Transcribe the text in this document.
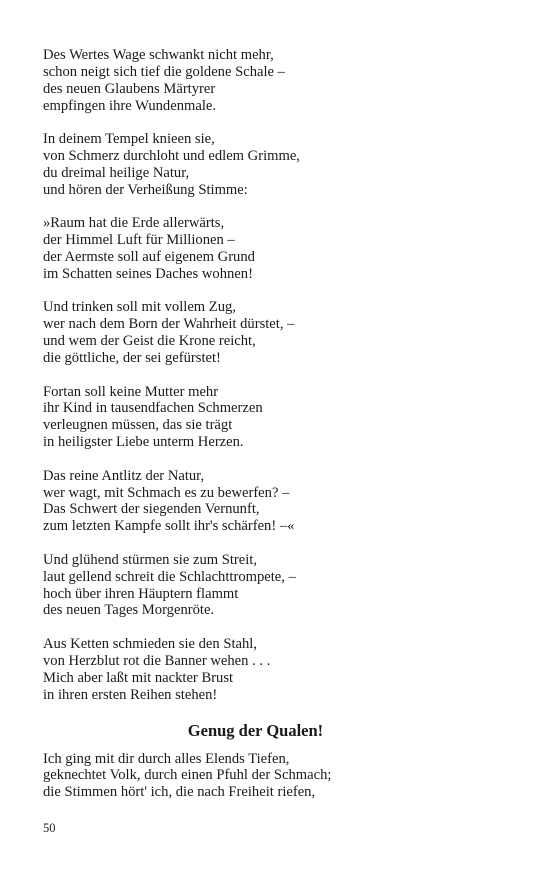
Des Wertes Wage schwankt nicht mehr,
schon neigt sich tief die goldene Schale –
des neuen Glaubens Märtyrer
empfingen ihre Wundenmale.
In deinem Tempel knieen sie,
von Schmerz durchloht und edlem Grimme,
du dreimal heilige Natur,
und hören der Verheißung Stimme:
»Raum hat die Erde allerwärts,
der Himmel Luft für Millionen –
der Aermste soll auf eigenem Grund
im Schatten seines Daches wohnen!
Und trinken soll mit vollem Zug,
wer nach dem Born der Wahrheit dürstet, –
und wem der Geist die Krone reicht,
die göttliche, der sei gefürstet!
Fortan soll keine Mutter mehr
ihr Kind in tausendfachen Schmerzen
verleugnen müssen, das sie trägt
in heiligster Liebe unterm Herzen.
Das reine Antlitz der Natur,
wer wagt, mit Schmach es zu bewerfen? –
Das Schwert der siegenden Vernunft,
zum letzten Kampfe sollt ihr's schärfen! –«
Und glühend stürmen sie zum Streit,
laut gellend schreit die Schlachttrompete, –
hoch über ihren Häuptern flammt
des neuen Tages Morgenröte.
Aus Ketten schmieden sie den Stahl,
von Herzblut rot die Banner wehen . . .
Mich aber laßt mit nackter Brust
in ihren ersten Reihen stehen!
Genug der Qualen!
Ich ging mit dir durch alles Elends Tiefen,
geknechtet Volk, durch einen Pfuhl der Schmach;
die Stimmen hört' ich, die nach Freiheit riefen,
50
